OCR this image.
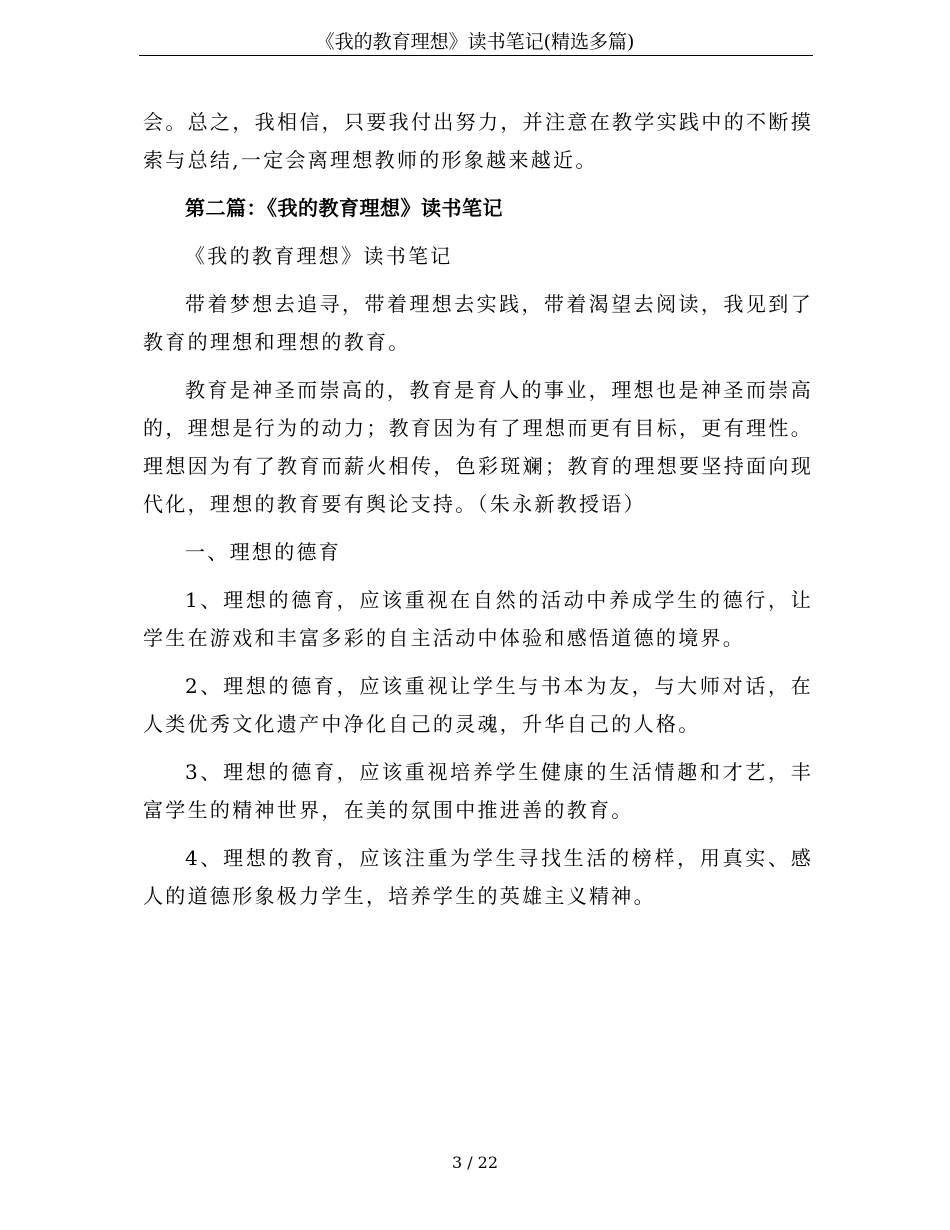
《我的教育理想》读书笔记(精选多篇)

会。总之，我相信，只要我付出努力，并注意在教学实践中的不断摸索与总结,一定会离理想教师的形象越来越近。

第二篇：《我的教育理想》读书笔记

《我的教育理想》读书笔记

带着梦想去追寻，带着理想去实践，带着渴望去阅读，我见到了教育的理想和理想的教育。

教育是神圣而崇高的，教育是育人的事业，理想也是神圣而崇高的，理想是行为的动力；教育因为有了理想而更有目标，更有理性。理想因为有了教育而薪火相传，色彩斑斓；教育的理想要坚持面向现代化，理想的教育要有舆论支持。（朱永新教授语）

一、理想的德育

1、理想的德育，应该重视在自然的活动中养成学生的德行，让学生在游戏和丰富多彩的自主活动中体验和感悟道德的境界。

2、理想的德育，应该重视让学生与书本为友，与大师对话，在人类优秀文化遗产中净化自己的灵魂，升华自己的人格。

3、理想的德育，应该重视培养学生健康的生活情趣和才艺，丰富学生的精神世界，在美的氛围中推进善的教育。

4、理想的教育，应该注重为学生寻找生活的榜样，用真实、感人的道德形象极力学生，培养学生的英雄主义精神。

3 / 22
